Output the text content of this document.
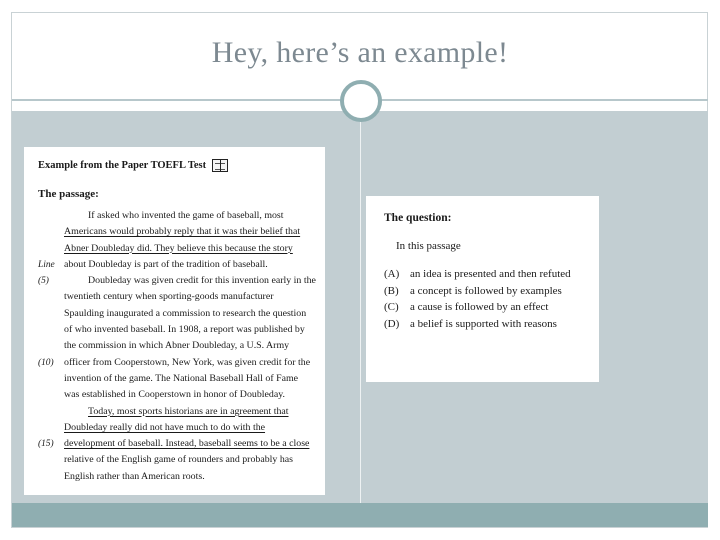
Hey, here’s an example!
Example from the Paper TOEFL Test
The passage:
If asked who invented the game of baseball, most
Americans would probably reply that it was their belief that
Abner Doubleday did. They believe this because the story
Line about Doubleday is part of the tradition of baseball.
(5)	Doubleday was given credit for this invention early in the
twentieth century when sporting-goods manufacturer
Spaulding inaugurated a commission to research the question
of who invented baseball. In 1908, a report was published by
the commission in which Abner Doubleday, a U.S. Army
(10) officer from Cooperstown, New York, was given credit for the
invention of the game. The National Baseball Hall of Fame
was established in Cooperstown in honor of Doubleday.
Today, most sports historians are in agreement that
Doubleday really did not have much to do with the
(15) development of baseball. Instead, baseball seems to be a close
relative of the English game of rounders and probably has
English rather than American roots.
The question:
In this passage
(A) an idea is presented and then refuted
(B)	a concept is followed by examples
(C)	a cause is followed by an effect
(D) a belief is supported with reasons
